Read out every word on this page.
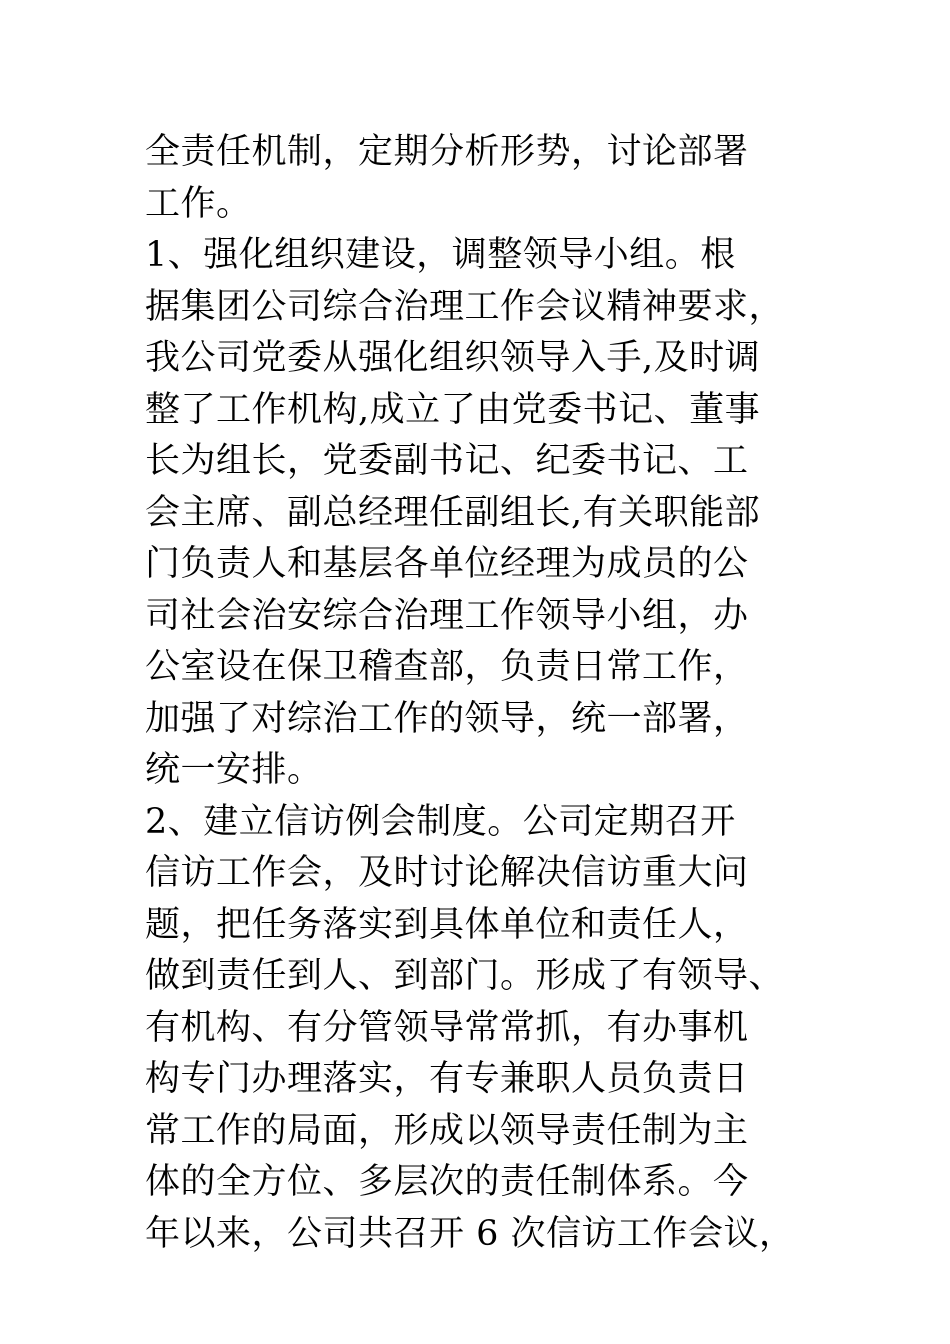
全责任机制，定期分析形势，讨论部署
工作。
1、强化组织建设，调整领导小组。根
据集团公司综合治理工作会议精神要求，
我公司党委从强化组织领导入手,及时调
整了工作机构,成立了由党委书记、董事
长为组长，党委副书记、纪委书记、工
会主席、副总经理任副组长,有关职能部
门负责人和基层各单位经理为成员的公
司社会治安综合治理工作领导小组，办
公室设在保卫稽查部，负责日常工作，
加强了对综治工作的领导，统一部署，
统一安排。
2、建立信访例会制度。公司定期召开
信访工作会，及时讨论解决信访重大问
题，把任务落实到具体单位和责任人，
做到责任到人、到部门。形成了有领导、
有机构、有分管领导常常抓，有办事机
构专门办理落实，有专兼职人员负责日
常工作的局面，形成以领导责任制为主
体的全方位、多层次的责任制体系。今
年以来，公司共召开 6 次信访工作会议，
